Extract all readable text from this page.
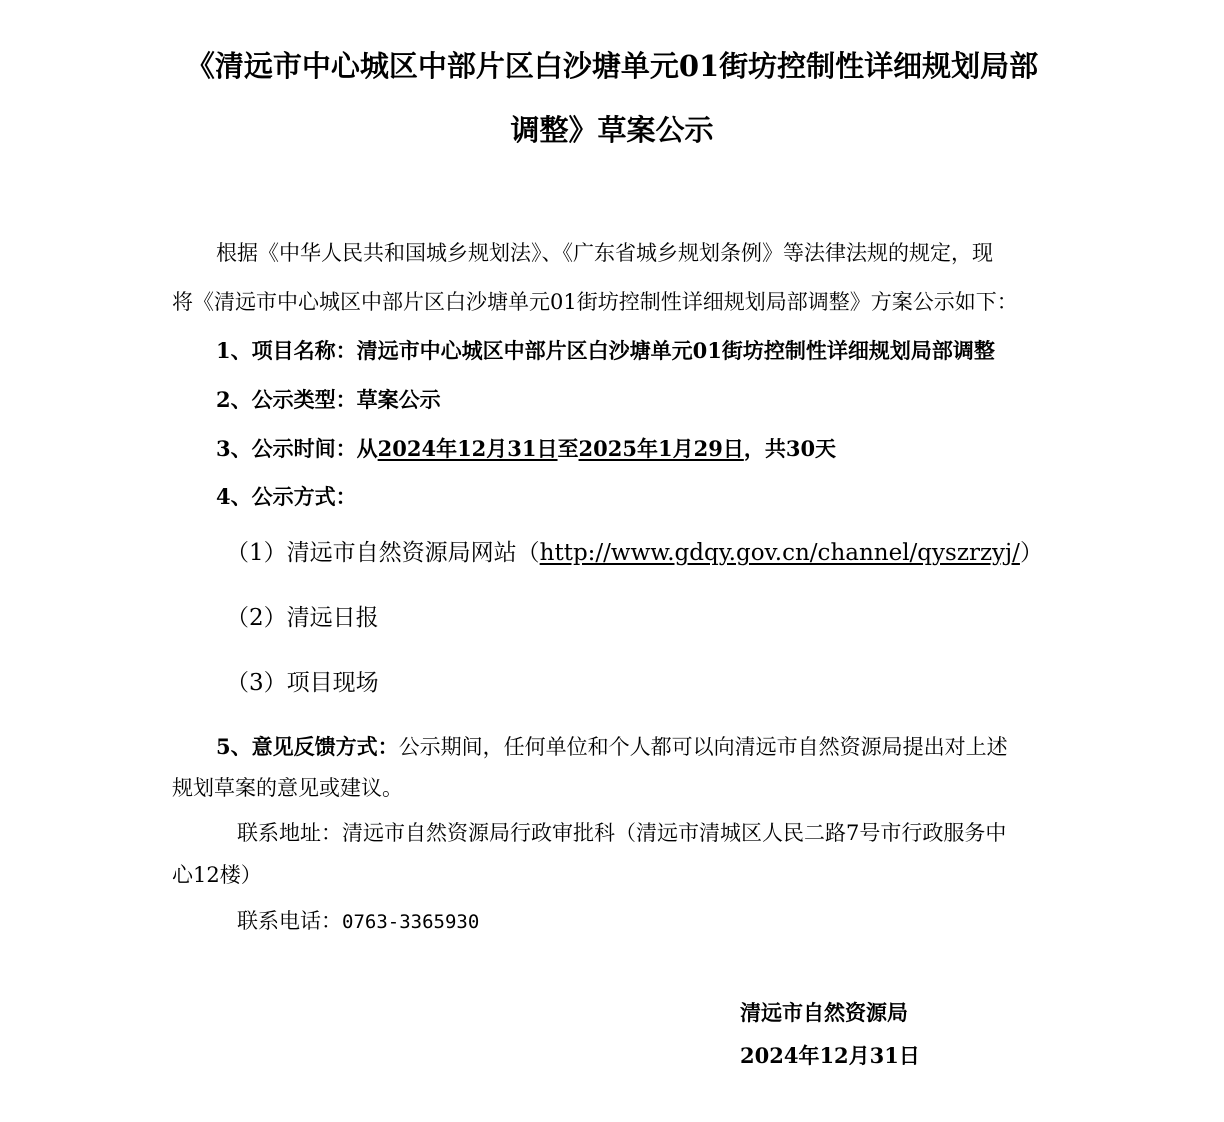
《清远市中心城区中部片区白沙塘单元01街坊控制性详细规划局部
调整》草案公示
根据《中华人民共和国城乡规划法》、《广东省城乡规划条例》等法律法规的规定，现
将《清远市中心城区中部片区白沙塘单元01街坊控制性详细规划局部调整》方案公示如下：
1、项目名称：清远市中心城区中部片区白沙塘单元01街坊控制性详细规划局部调整
2、公示类型：草案公示
3、公示时间：从2024年12月31日至2025年1月29日，共30天
4、公示方式：
（1）清远市自然资源局网站（http://www.gdqy.gov.cn/channel/qyszrzyj/）
（2）清远日报
（3）项目现场
5、意见反馈方式：公示期间，任何单位和个人都可以向清远市自然资源局提出对上述
规划草案的意见或建议。
联系地址：清远市自然资源局行政审批科（清远市清城区人民二路7号市行政服务中
心12楼）
联系电话：0763-3365930
清远市自然资源局
2024年12月31日
